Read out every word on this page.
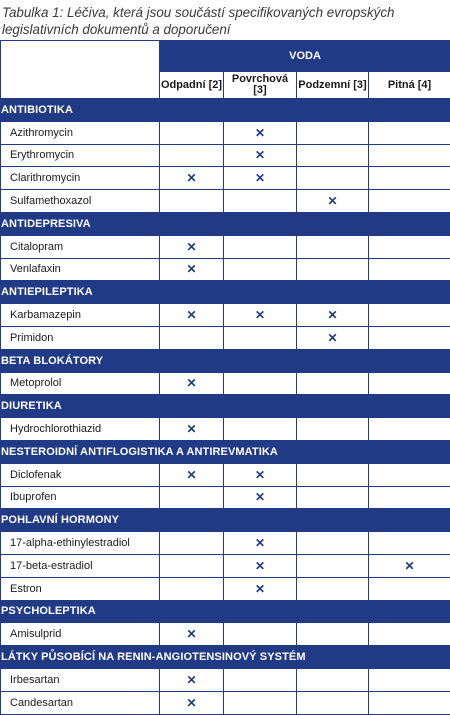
Tabulka 1: Léčiva, která jsou součástí specifikovaných evropských legislativních dokumentů a doporučení

	VODA			
	Odpadní [2]	Povrchová [3]	Podzemní [3]	Pitná [4]
ANTIBIOTIKA				
Azithromycin		✕		
Erythromycin		✕		
Clarithromycin	✕	✕		
Sulfamethoxazol			✕	
ANTIDEPRESIVA				
Citalopram	✕			
Venlafaxin	✕			
ANTIEPILEPTIKA				
Karbamazepin	✕	✕	✕	
Primidon			✕	
BETA BLOKÁTORY				
Metoprolol	✕			
DIURETIKA				
Hydrochlorothiazid	✕			
NESTEROIDNÍ ANTIFLOGISTIKA A ANTIREVMATIKA				
Diclofenak	✕	✕		
Ibuprofen		✕		
POHLAVNÍ HORMONY				
17-alpha-ethinylestradiol		✕		
17-beta-estradiol		✕		✕
Estron		✕		
PSYCHOLEPTIKA				
Amisulprid	✕			
LÁTKY PŮSOBÍCÍ NA RENIN-ANGIOTENSINOVÝ SYSTÉM				
Irbesartan	✕			
Candesartan	✕			
